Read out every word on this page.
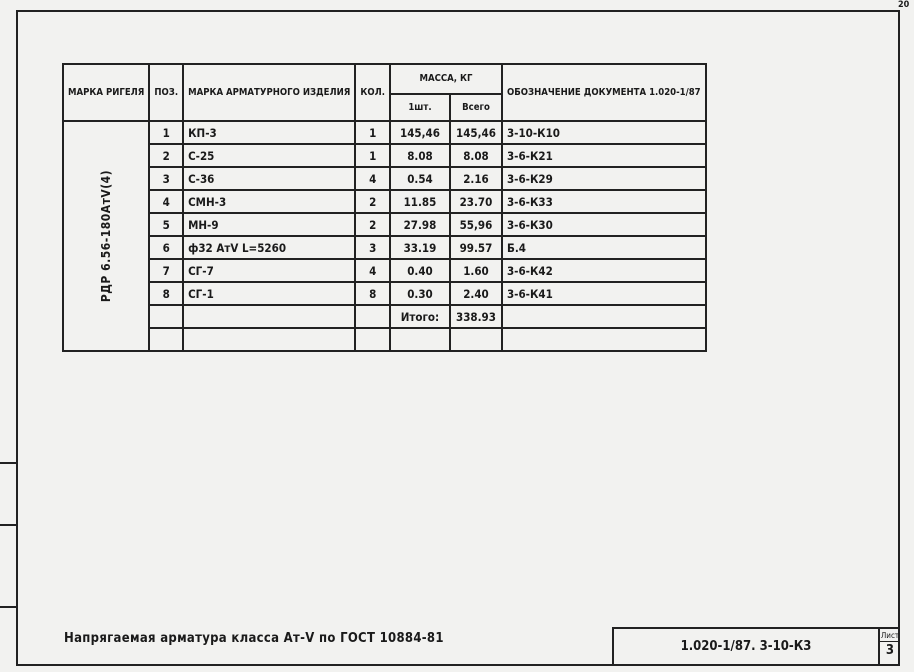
20
МАРКА РИГЕЛЯ	ПОЗ.	МАРКА АРМАТУРНОГО ИЗДЕЛИЯ	КОЛ.	МАССА, КГ		ОБОЗНАЧЕНИЕ ДОКУМЕНТА 1.020-1/87
				1шт.	Всего	

РДР 6.56-180АтV(4)	1	КП-3	1	145,46	145,46	3-10-К10
	2	С-25	1	8.08	8.08	3-6-К21
	3	С-36	4	0.54	2.16	3-6-К29
	4	СМН-3	2	11.85	23.70	3-6-К33
	5	МН-9	2	27.98	55,96	3-6-К30
	6	ф32 АтV L=5260	3	33.19	99.57	Б.4
	7	СГ-7	4	0.40	1.60	3-6-К42
	8	СГ-1	8	0.30	2.40	3-6-К41
				Итого:	338.93	

Напрягаемая арматура класса Ат-V по ГОСТ 10884-81
1.020-1/87. 3-10-К3
Лист
3
